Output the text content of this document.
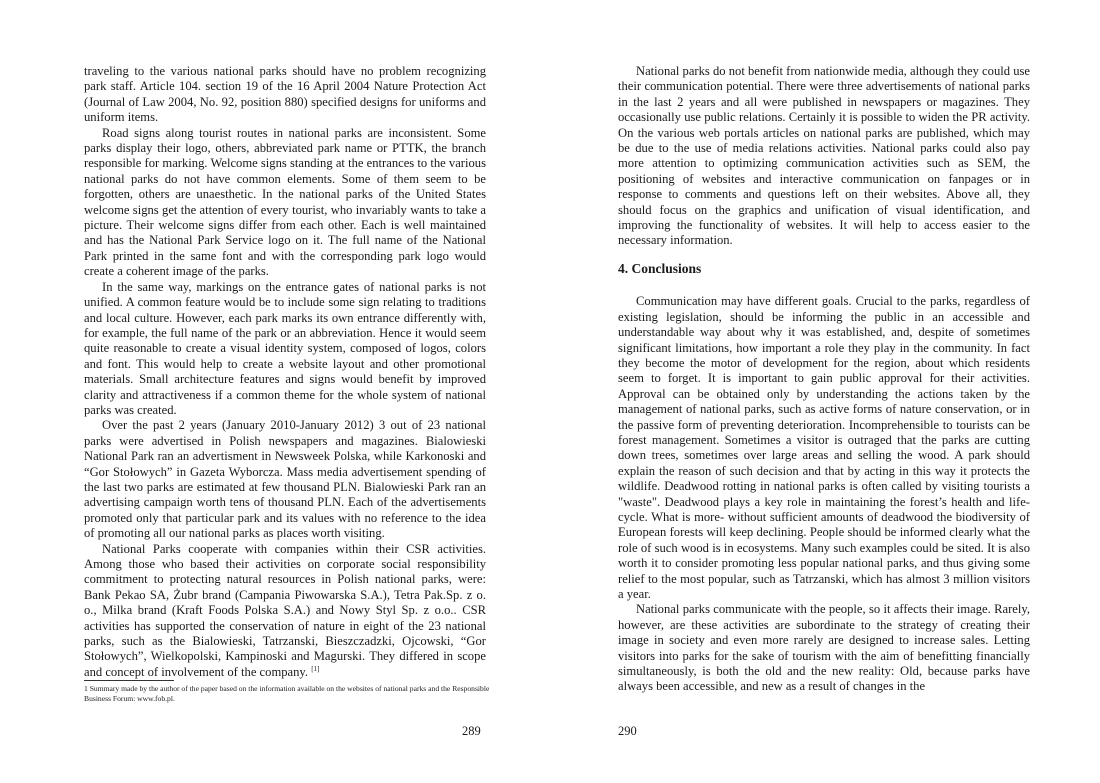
traveling to the various national parks should have no problem recognizing park staff. Article 104. section 19 of the 16 April 2004 Nature Protection Act (Journal of Law 2004, No. 92, position 880) specified designs for uniforms and uniform items.

Road signs along tourist routes in national parks are inconsistent. Some parks display their logo, others, abbreviated park name or PTTK, the branch responsible for marking. Welcome signs standing at the entrances to the various national parks do not have common elements. Some of them seem to be forgotten, others are unaesthetic. In the national parks of the United States welcome signs get the attention of every tourist, who invariably wants to take a picture. Their welcome signs differ from each other. Each is well maintained and has the National Park Service logo on it. The full name of the National Park printed in the same font and with the corresponding park logo would create a coherent image of the parks.

In the same way, markings on the entrance gates of national parks is not unified. A common feature would be to include some sign relating to traditions and local culture. However, each park marks its own entrance differently with, for example, the full name of the park or an abbreviation. Hence it would seem quite reasonable to create a visual identity system, composed of logos, colors and font. This would help to create a website layout and other promotional materials. Small architecture features and signs would benefit by improved clarity and attractiveness if a common theme for the whole system of national parks was created.

Over the past 2 years (January 2010-January 2012) 3 out of 23 national parks were advertised in Polish newspapers and magazines. Bialowieski National Park ran an advertisment in Newsweek Polska, while Karkonoski and “Gor Stołowych” in Gazeta Wyborcza. Mass media advertisement spending of the last two parks are estimated at few thousand PLN. Bialowieski Park ran an advertising campaign worth tens of thousand PLN. Each of the advertisements promoted only that particular park and its values with no reference to the idea of promoting all our national parks as places worth visiting.

National Parks cooperate with companies within their CSR activities. Among those who based their activities on corporate social responsibility commitment to protecting natural resources in Polish national parks, were: Bank Pekao SA, Żubr brand (Campania Piwowarska S.A.), Tetra Pak.Sp. z o. o., Milka brand (Kraft Foods Polska S.A.) and Nowy Styl Sp. z o.o.. CSR activities has supported the conservation of nature in eight of the 23 national parks, such as the Bialowieski, Tatrzanski, Bieszczadzki, Ojcowski, “Gor Stołowych”, Wielkopolski, Kampinoski and Magurski. They differed in scope and concept of involvement of the company. [1]

1 Summary made by the author of the paper based on the information available on the websites of national parks and the Responsible Business Forum: www.fob.pl.
289

National parks do not benefit from nationwide media, although they could use their communication potential. There were three advertisements of national parks in the last 2 years and all were published in newspapers or magazines. They occasionally use public relations. Certainly it is possible to widen the PR activity. On the various web portals articles on national parks are published, which may be due to the use of media relations activities. National parks could also pay more attention to optimizing communication activities such as SEM, the positioning of websites and interactive communication on fanpages or in response to comments and questions left on their websites. Above all, they should focus on the graphics and unification of visual identification, and improving the functionality of websites. It will help to access easier to the necessary information.

4. Conclusions

Communication may have different goals. Crucial to the parks, regardless of existing legislation, should be informing the public in an accessible and understandable way about why it was established, and, despite of sometimes significant limitations, how important a role they play in the community. In fact they become the motor of development for the region, about which residents seem to forget. It is important to gain public approval for their activities. Approval can be obtained only by understanding the actions taken by the management of national parks, such as active forms of nature conservation, or in the passive form of preventing deterioration. Incomprehensible to tourists can be forest management. Sometimes a visitor is outraged that the parks are cutting down trees, sometimes over large areas and selling the wood. A park should explain the reason of such decision and that by acting in this way it protects the wildlife. Deadwood rotting in national parks is often called by visiting tourists a "waste". Deadwood plays a key role in maintaining the forest’s health and life-cycle. What is more- without sufficient amounts of deadwood the biodiversity of European forests will keep declining. People should be informed clearly what the role of such wood is in ecosystems. Many such examples could be sited. It is also worth it to consider promoting less popular national parks, and thus giving some relief to the most popular, such as Tatrzanski, which has almost 3 million visitors a year.

National parks communicate with the people, so it affects their image. Rarely, however, are these activities are subordinate to the strategy of creating their image in society and even more rarely are designed to increase sales. Letting visitors into parks for the sake of tourism with the aim of benefitting financially simultaneously, is both the old and the new reality: Old, because parks have always been accessible, and new as a result of changes in the

290
